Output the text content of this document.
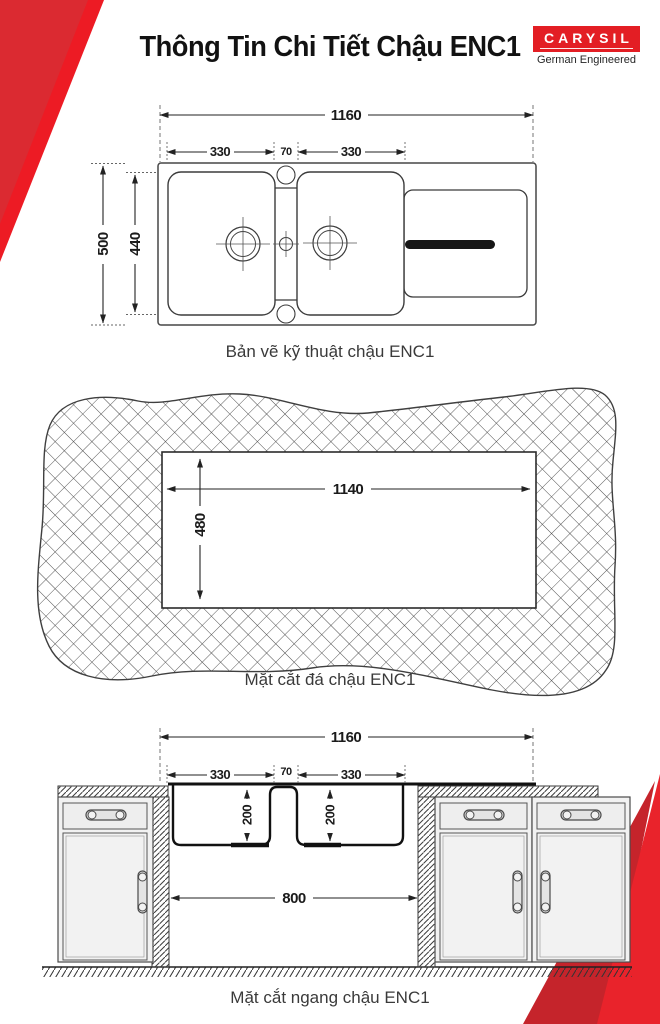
1160
330	70	330
500 440
1140
480
1160
330	70	330
200	200
800
Thông Tin Chi Tiết Chậu ENC1	CARYSIL
German Engineered
Bản vẽ kỹ thuật chậu ENC1
Mặt cắt đá chậu ENC1
Mặt cắt ngang chậu ENC1
